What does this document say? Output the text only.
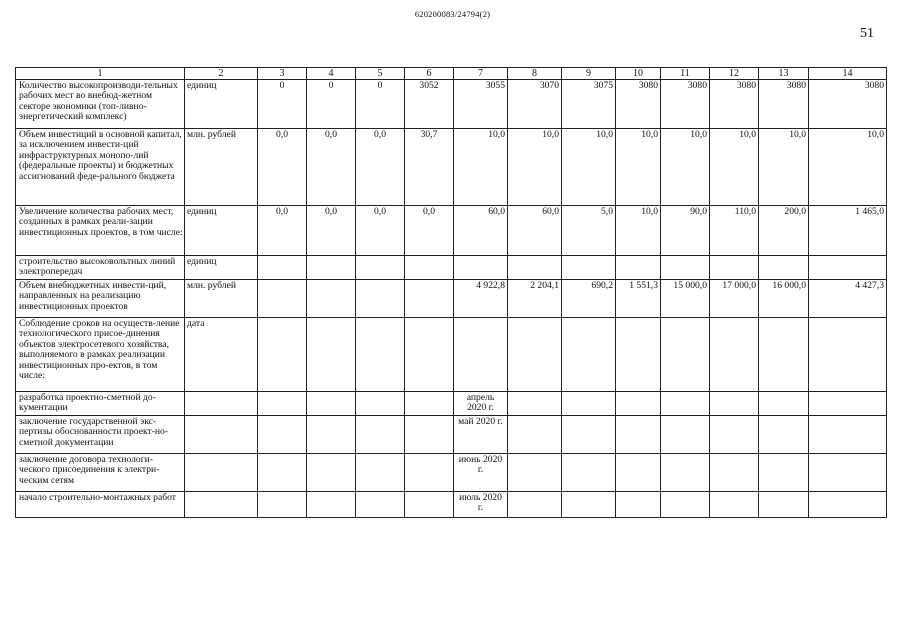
620200083/24794(2)
51
1	2	3	4	5	6	7	8	9	10	11	12	13	14
Количество высокопроизводи-тельных рабочих мест во внебюд-жетном секторе экономики (топ-ливно-энергетический комплекс)	единиц	0	0	0	3052	3055	3070	3075	3080	3080	3080	3080	3080
Объем инвестиций в основной капитал, за исключением инвести-ций инфраструктурных монопо-лий (федеральные проекты) и бюджетных ассигнований феде-рального бюджета	млн. рублей	0,0	0,0	0,0	30,7	10,0	10,0	10,0	10,0	10,0	10,0	10,0	10,0
Увеличение количества рабочих мест, созданных в рамках реали-зации инвестиционных проектов, в том числе:	единиц	0,0	0,0	0,0	0,0	60,0	60,0	5,0	10,0	90,0	110,0	200,0	1 465,0
строительство высоковольтных линий электропередач	единиц												
Объем внебюджетных инвести-ций, направленных на реализацию инвестиционных проектов	млн. рублей					4 922,8	2 204,1	690,2	1 551,3	15 000,0	17 000,0	16 000,0	4 427,3
Соблюдение сроков на осуществ-ление технологического присое-динения объектов электросетевого хозяйства, выполняемого в рамках реализации инвестиционных про-ектов, в том числе:	дата												
разработка проектно-сметной до-кументации						апрель 2020 г.							
заключение государственной экс-пертизы обоснованности проект-но-сметной документации						май 2020 г.							
заключение договора технологи-ческого присоединения к электри-ческим сетям						июнь 2020 г.							
начало строительно-монтажных работ						июль 2020 г.							
